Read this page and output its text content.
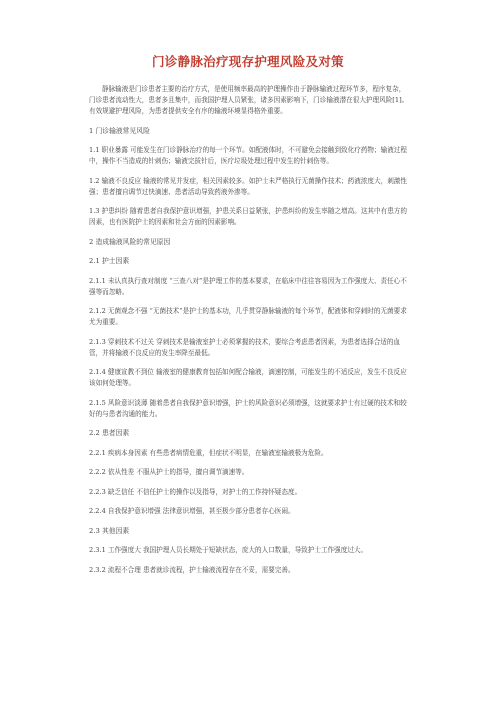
门诊静脉治疗现存护理风险及对策

静脉输液是门诊患者主要的治疗方式，是使用频率最高的护理操作由于静脉输液过程环节多，程序复杂，门诊患者流动性大，患者多且集中，而我国护理人员紧张，诸多因素影响下，门诊输液潜在很大护理风险[1]。有效规避护理风险，为患者提供安全有序的输液环境显得格外重要。

1 门诊输液常见风险

1.1 职业暴露 可能发生在门诊静脉治疗的每一个环节。如配液体时，不可避免会接触到致化疗药物；输液过程中，操作不当造成的针刺伤；输液完拔针后，医疗垃圾处理过程中发生的针刺伤等。

1.2 输液不良反应 输液的常见并发症，相关因素较多。如护士未严格执行无菌操作技术；药液浓度大，刺激性强；患者擅自调节过快滴速、患者活动导致药液外渗等。

1.3 护患纠纷 随着患者自我保护意识增强，护患关系日益紧张，护患纠纷的发生率随之增高。这其中有患方的因素，也有医院护士的因素和社会方面的因素影响。

2 造成输液风险的常见原因

2.1 护士因素

2.1.1 未认真执行查对制度 “三查八对”是护理工作的基本要求，在临床中往往容易因为工作强度大、责任心不强等而忽略。

2.1.2 无菌观念不强 “无菌技术”是护士的基本功，几乎贯穿静脉输液的每个环节，配液体和穿刺时的无菌要求尤为重要。

2.1.3 穿刺技术不过关 穿刺技术是输液室护士必须掌握的技术，要综合考虑患者因素，为患者选择合适的血管，并将输液不良反应的发生率降至最低。

2.1.4 健康宣教不到位 输液室的健康教育包括如何配合输液，滴速控制，可能发生的不适反应，发生不良反应该如何处理等。

2.1.5 风险意识淡薄 随着患者自我保护意识增强，护士的风险意识必须增强，这就要求护士有过硬的技术和较好的与患者沟通的能力。

2.2 患者因素

2.2.1 疾病本身因素 有些患者病情危重，但症状不明显，在输液室输液极为危险。

2.2.2 依从性差 不服从护士的指导，擅自调节滴速等。

2.2.3 缺乏信任 不信任护士的操作以及指导，对护士的工作持怀疑态度。

2.2.4 自我保护意识增强 法律意识增强，甚至极少部分患者存心医闹。

2.3 其他因素

2.3.1 工作强度大 我国护理人员长期处于短缺状态，庞大的人口数量，导致护士工作强度过大。

2.3.2 流程不合理 患者就诊流程，护士输液流程存在不妥，需要完善。
